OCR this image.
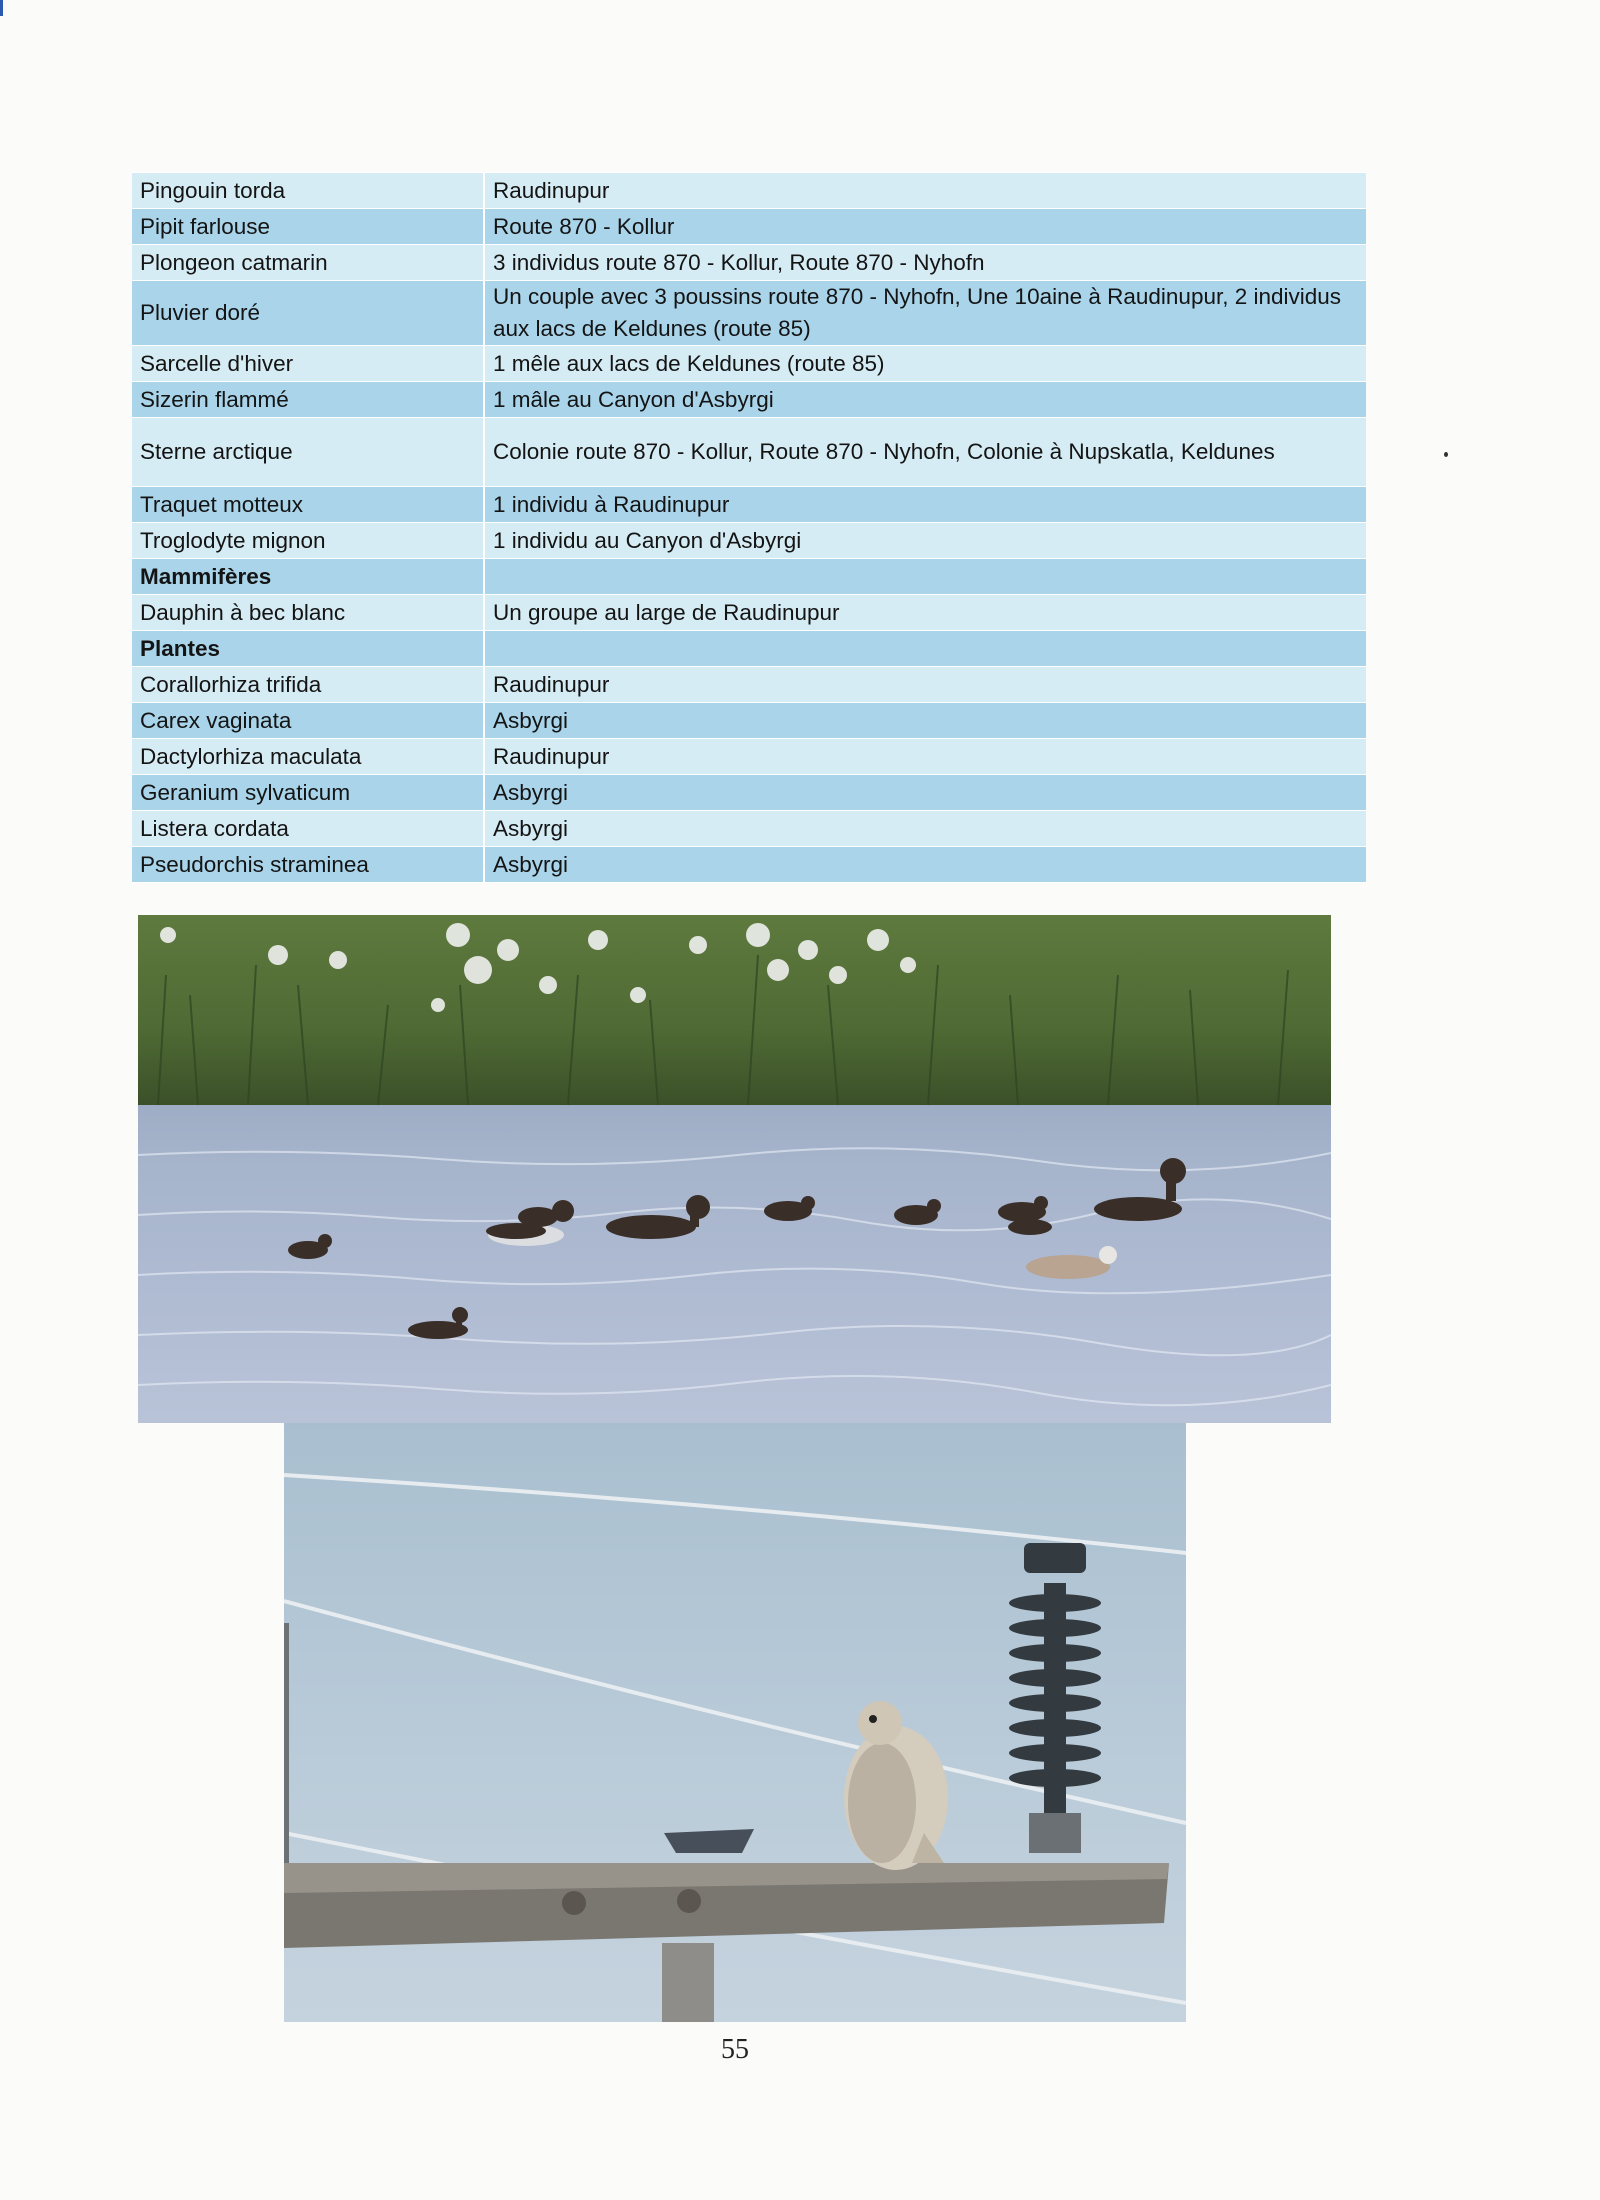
Pingouin torda	Raudinupur
Pipit farlouse	Route 870 - Kollur
Plongeon catmarin	3 individus route 870 - Kollur, Route 870 - Nyhofn
Pluvier doré	Un couple avec 3 poussins route 870 - Nyhofn, Une 10aine à Raudinupur, 2 individus aux lacs de Keldunes (route 85)
Sarcelle d'hiver	1 mêle aux lacs de Keldunes (route 85)
Sizerin flammé	1 mâle au Canyon d'Asbyrgi
Sterne arctique	Colonie route 870 - Kollur, Route 870 - Nyhofn, Colonie à Nupskatla, Keldunes
Traquet motteux	1 individu à Raudinupur
Troglodyte mignon	1 individu au Canyon d'Asbyrgi
Mammifères	
Dauphin à bec blanc	Un groupe au large de Raudinupur
Plantes	
Corallorhiza trifida	Raudinupur
Carex vaginata	Asbyrgi
Dactylorhiza maculata	Raudinupur
Geranium sylvaticum	Asbyrgi
Listera cordata	Asbyrgi
Pseudorchis straminea	Asbyrgi
55
